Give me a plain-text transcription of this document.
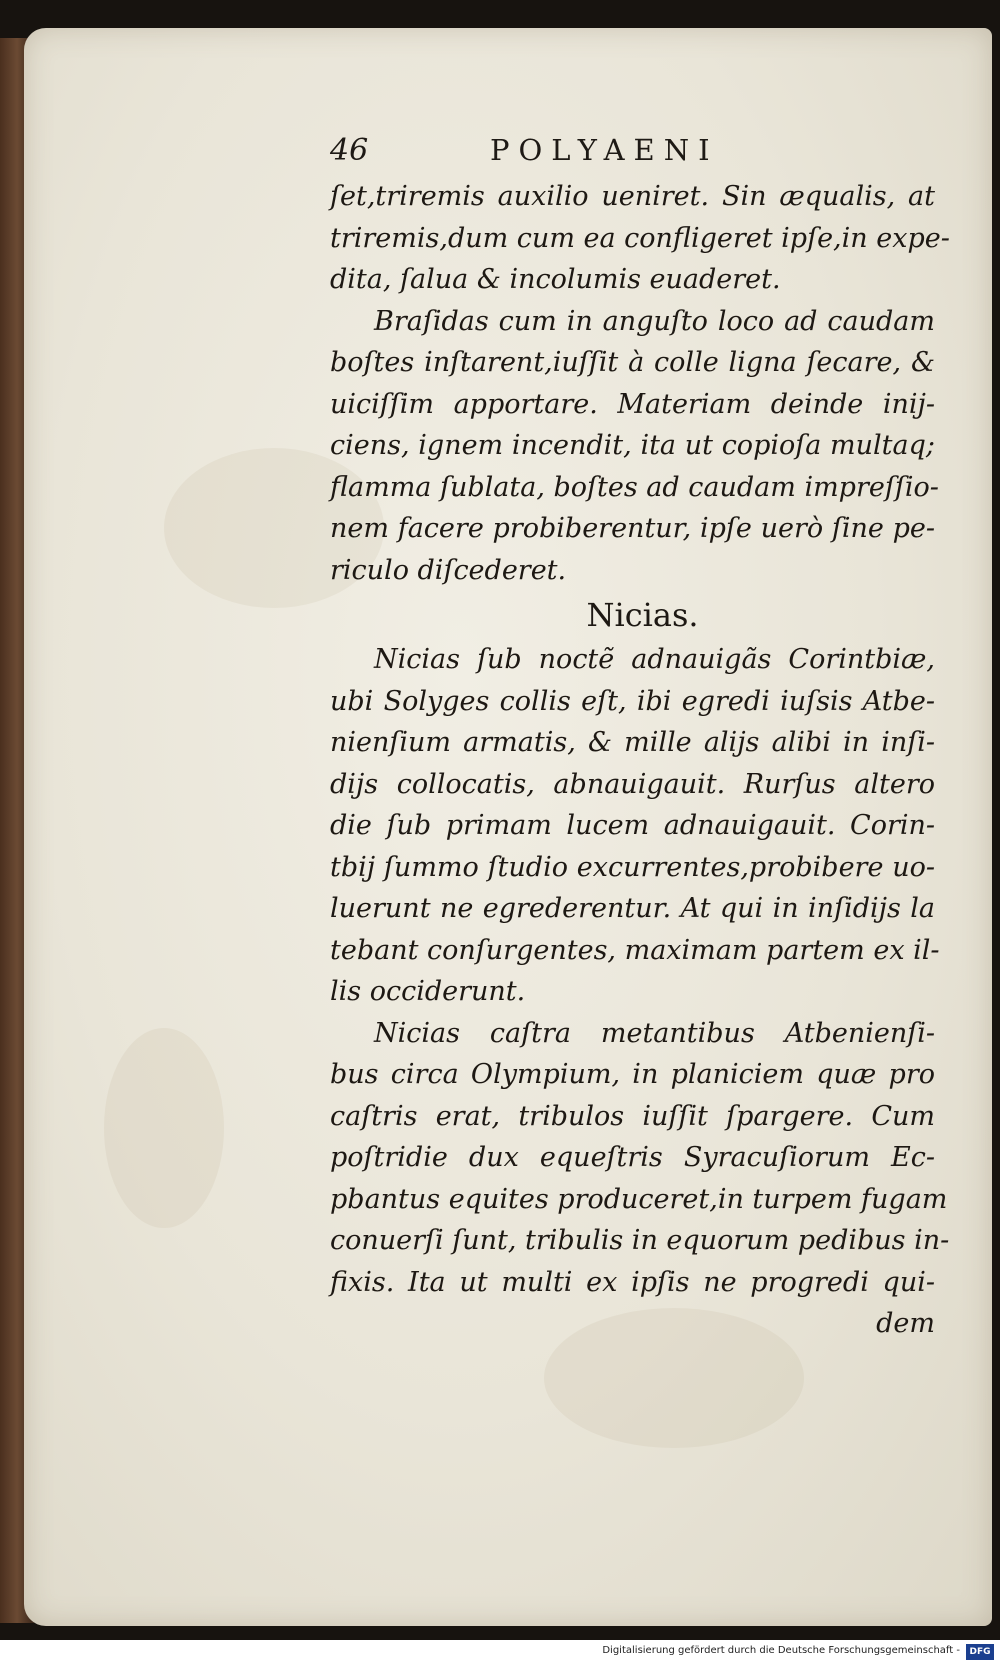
46	POLYAENI
ſet,triremis auxilio ueniret. Sin æqualis, at
triremis,dum cum ea confligeret ipſe,in expe-
dita, ſalua & incolumis euaderet.
Braſidas cum in anguſto loco ad caudam
boſtes inſtarent,iuſſit à colle ligna ſecare, &
uiciſſim apportare. Materiam deinde inij-
ciens, ignem incendit, ita ut copioſa multaq;
flamma ſublata, boſtes ad caudam impreſſio-
nem facere probiberentur, ipſe uerò ſine pe-
riculo diſcederet.
Nicias.
Nicias ſub noctẽ adnauigãs Corintbiæ,
ubi Solyges collis eſt, ibi egredi iuſsis Atbe-
nienſium armatis, & mille alijs alibi in inſi-
dijs collocatis, abnauigauit. Rurſus altero
die ſub primam lucem adnauigauit. Corin-
tbij ſummo ſtudio excurrentes,probibere uo-
luerunt ne egrederentur. At qui in inſidijs la
tebant conſurgentes, maximam partem ex il-
lis occiderunt.
Nicias caſtra metantibus Atbenienſi-
bus circa Olympium, in planiciem quæ pro
caſtris erat, tribulos iuſſit ſpargere. Cum
poſtridie dux equeſtris Syracuſiorum Ec-
pbantus equites produceret,in turpem fugam
conuerſi ſunt, tribulis in equorum pedibus in-
fixis. Ita ut multi ex ipſis ne progredi qui-
dem
Digitalisierung gefördert durch die Deutsche Forschungsgemeinschaft -	DFG
